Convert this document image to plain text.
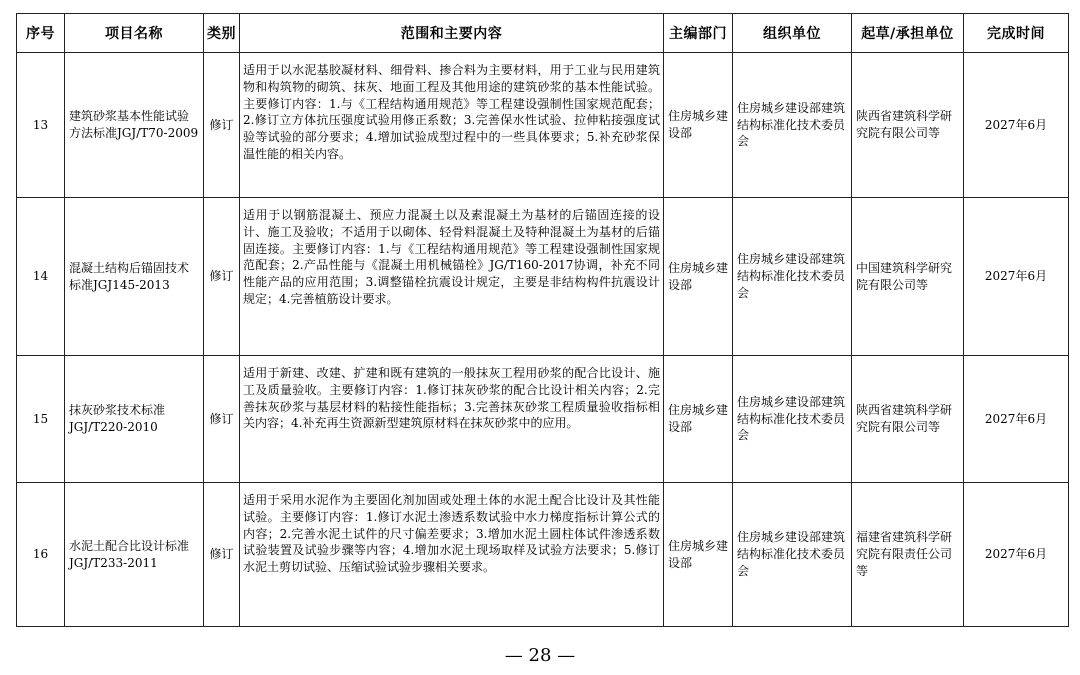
序号	项目名称	类别	范围和主要内容	主编部门	组织单位	起草/承担单位	完成时间
13	建筑砂浆基本性能试验方法标准JGJ/T70-2009	修订	适用于以水泥基胶凝材料、细骨料、掺合料为主要材料，用于工业与民用建筑物和构筑物的砌筑、抹灰、地面工程及其他用途的建筑砂浆的基本性能试验。主要修订内容：1.与《工程结构通用规范》等工程建设强制性国家规范配套；2.修订立方体抗压强度试验用修正系数；3.完善保水性试验、拉伸粘接强度试验等试验的部分要求；4.增加试验成型过程中的一些具体要求；5.补充砂浆保温性能的相关内容。	住房城乡建设部	住房城乡建设部建筑结构标准化技术委员会	陕西省建筑科学研究院有限公司等	2027年6月
14	混凝土结构后锚固技术标准JGJ145-2013	修订	适用于以钢筋混凝土、预应力混凝土以及素混凝土为基材的后锚固连接的设计、施工及验收；不适用于以砌体、轻骨料混凝土及特种混凝土为基材的后锚固连接。主要修订内容：1.与《工程结构通用规范》等工程建设强制性国家规范配套；2.产品性能与《混凝土用机械锚栓》JG/T160-2017协调，补充不同性能产品的应用范围；3.调整锚栓抗震设计规定，主要是非结构构件抗震设计规定；4.完善植筋设计要求。	住房城乡建设部	住房城乡建设部建筑结构标准化技术委员会	中国建筑科学研究院有限公司等	2027年6月
15	抹灰砂浆技术标准JGJ/T220-2010	修订	适用于新建、改建、扩建和既有建筑的一般抹灰工程用砂浆的配合比设计、施工及质量验收。主要修订内容：1.修订抹灰砂浆的配合比设计相关内容；2.完善抹灰砂浆与基层材料的粘接性能指标；3.完善抹灰砂浆工程质量验收指标相关内容；4.补充再生资源新型建筑原材料在抹灰砂浆中的应用。	住房城乡建设部	住房城乡建设部建筑结构标准化技术委员会	陕西省建筑科学研究院有限公司等	2027年6月
16	水泥土配合比设计标准JGJ/T233-2011	修订	适用于采用水泥作为主要固化剂加固或处理土体的水泥土配合比设计及其性能试验。主要修订内容：1.修订水泥土渗透系数试验中水力梯度指标计算公式的内容；2.完善水泥土试件的尺寸偏差要求；3.增加水泥土圆柱体试件渗透系数试验装置及试验步骤等内容；4.增加水泥土现场取样及试验方法要求；5.修订水泥土剪切试验、压缩试验试验步骤相关要求。	住房城乡建设部	住房城乡建设部建筑结构标准化技术委员会	福建省建筑科学研究院有限责任公司等	2027年6月
— 28 —
